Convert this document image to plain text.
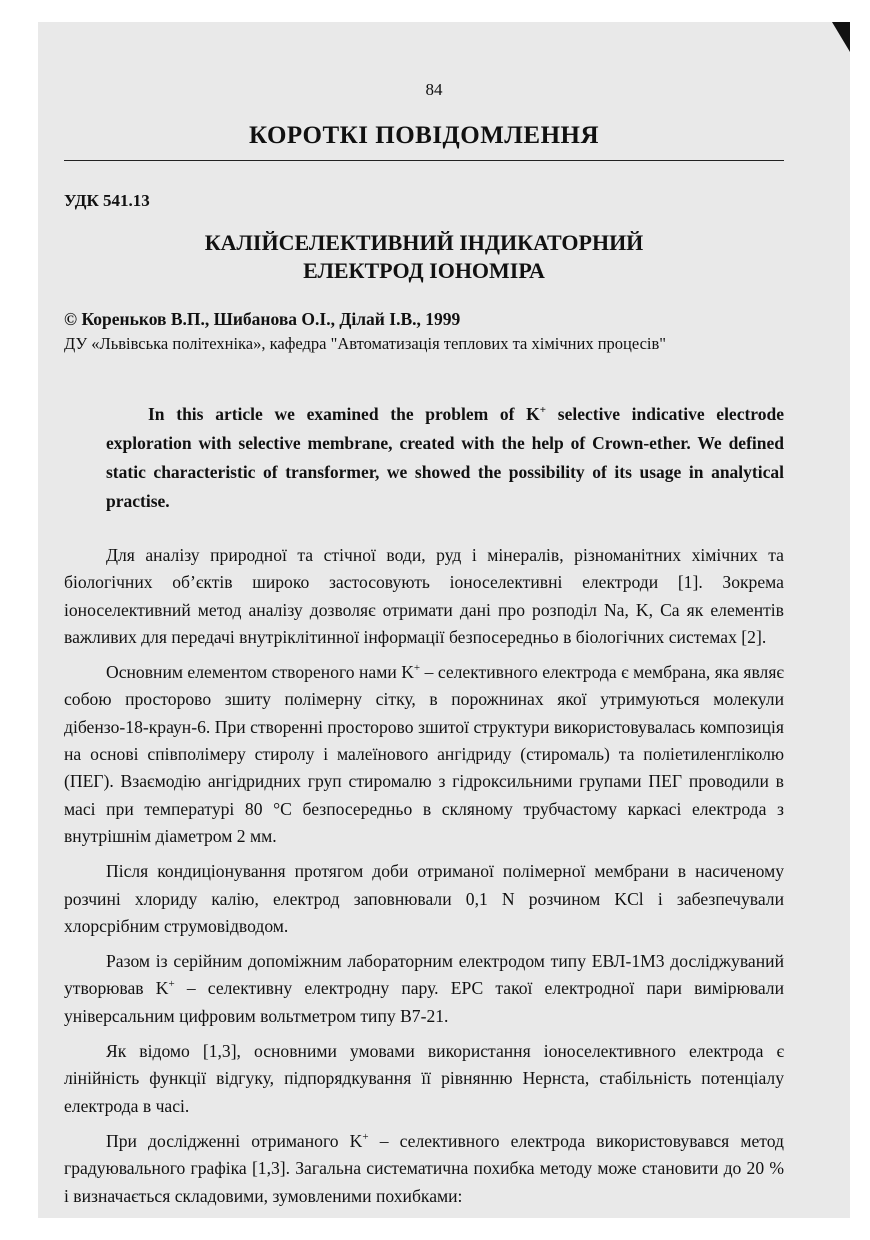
84
КОРОТКІ ПОВІДОМЛЕННЯ
УДК 541.13
КАЛІЙСЕЛЕКТИВНИЙ ІНДИКАТОРНИЙ
ЕЛЕКТРОД ІОНОМІРА
© Кореньков В.П., Шибанова О.І., Ділай І.В., 1999
ДУ «Львівська політехніка», кафедра "Автоматизація теплових та хімічних процесів"
In this article we examined the problem of K+ selective indicative electrode exploration with selective membrane, created with the help of Crown-ether. We defined static characteristic of transformer, we showed the possibility of its usage in analytical practise.

Для аналізу природної та стічної води, руд і мінералів, різноманітних хімічних та біологічних об’єктів широко застосовують іоноселективні електроди [1]. Зокрема іоноселективний метод аналізу дозволяє отримати дані про розподіл Na, K, Ca як елементів важливих для передачі внутріклітинної інформації безпосередньо в біологічних системах [2].

Основним елементом створеного нами K+ – селективного електрода є мембрана, яка являє собою просторово зшиту полімерну сітку, в порожнинах якої утримуються молекули дібензо-18-краун-6. При створенні просторово зшитої структури використовувалась композиція на основі співполімеру стиролу і малеїнового ангідриду (стиромаль) та поліетиленгліколю (ПЕГ). Взаємодію ангідридних груп стиромалю з гідроксильними групами ПЕГ проводили в масі при температурі 80 °С безпосередньо в скляному трубчастому каркасі електрода з внутрішнім діаметром 2 мм.

Після кондиціонування протягом доби отриманої полімерної мембрани в насиченому розчині хлориду калію, електрод заповнювали 0,1 N розчином KCl і забезпечували хлорсрібним струмовідводом.

Разом із серійним допоміжним лабораторним електродом типу ЕВЛ-1М3 досліджуваний утворював K+ – селективну електродну пару. ЕРС такої електродної пари вимірювали універсальним цифровим вольтметром типу В7-21.

Як відомо [1,3], основними умовами використання іоноселективного електрода є лінійність функції відгуку, підпорядкування її рівнянню Нернста, стабільність потенціалу електрода в часі.

При дослідженні отриманого K+ – селективного електрода використовувався метод градуювального графіка [1,3]. Загальна систематична похибка методу може становити до 20 % і визначається складовими, зумовленими похибками:
